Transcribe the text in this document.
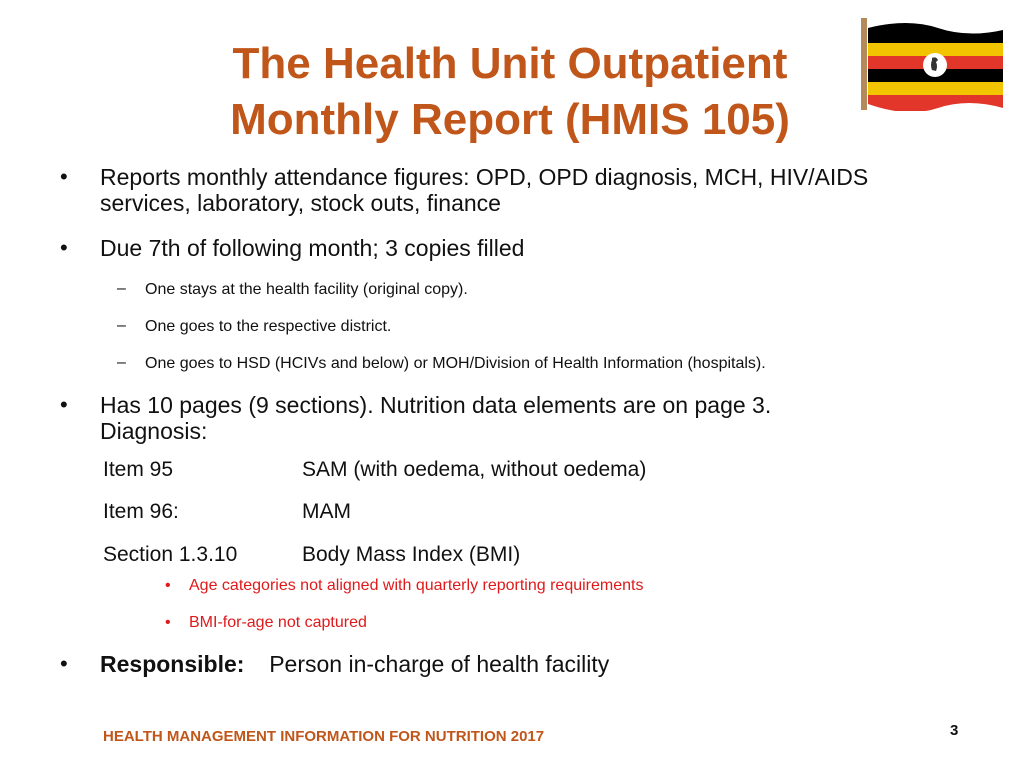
The Health Unit Outpatient
Monthly Report (HMIS 105)
• Reports monthly attendance figures: OPD, OPD diagnosis, MCH, HIV/AIDS
services, laboratory, stock outs, finance
• Due 7th of following month; 3 copies filled
– One stays at the health facility (original copy).
– One goes to the respective district.
– One goes to HSD (HCIVs and below) or MOH/Division of Health Information (hospitals).
• Has 10 pages (9 sections). Nutrition data elements are on page 3.
Diagnosis:
Item 95	SAM (with oedema, without oedema)
Item 96:	MAM
Section 1.3.10	Body Mass Index (BMI)
• Age categories not aligned with quarterly reporting requirements
• BMI-for-age not captured
• Responsible: Person in-charge of health facility
HEALTH MANAGEMENT INFORMATION FOR NUTRITION 2017	3
